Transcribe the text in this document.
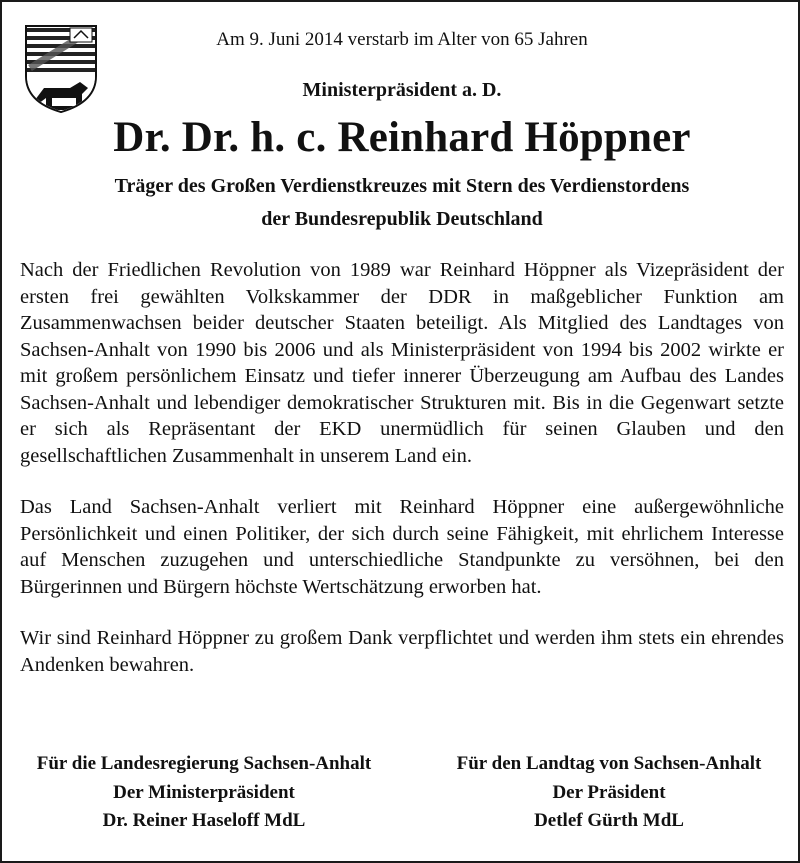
Am 9. Juni 2014 verstarb im Alter von 65 Jahren
Ministerpräsident a. D.
Dr. Dr. h. c. Reinhard Höppner
Träger des Großen Verdienstkreuzes mit Stern des Verdienstordens
der Bundesrepublik Deutschland

Nach der Friedlichen Revolution von 1989 war Reinhard Höppner als Vizepräsident der ersten frei gewählten Volkskammer der DDR in maßgeblicher Funktion am Zusammenwachsen beider deutscher Staaten beteiligt. Als Mitglied des Landtages von Sachsen-Anhalt von 1990 bis 2006 und als Ministerpräsident von 1994 bis 2002 wirkte er mit großem persönlichem Einsatz und tiefer innerer Überzeugung am Aufbau des Landes Sachsen-Anhalt und lebendiger demokratischer Strukturen mit. Bis in die Gegenwart setzte er sich als Repräsentant der EKD unermüdlich für seinen Glauben und den gesellschaftlichen Zusammenhalt in unserem Land ein.

Das Land Sachsen-Anhalt verliert mit Reinhard Höppner eine außergewöhnliche Persönlichkeit und einen Politiker, der sich durch seine Fähigkeit, mit ehrlichem Interesse auf Menschen zuzugehen und unterschiedliche Standpunkte zu versöhnen, bei den Bürgerinnen und Bürgern höchste Wertschätzung erworben hat.

Wir sind Reinhard Höppner zu großem Dank verpflichtet und werden ihm stets ein ehrendes Andenken bewahren.

Für die Landesregierung Sachsen-Anhalt
Der Ministerpräsident
Dr. Reiner Haseloff MdL
Für den Landtag von Sachsen-Anhalt
Der Präsident
Detlef Gürth MdL
